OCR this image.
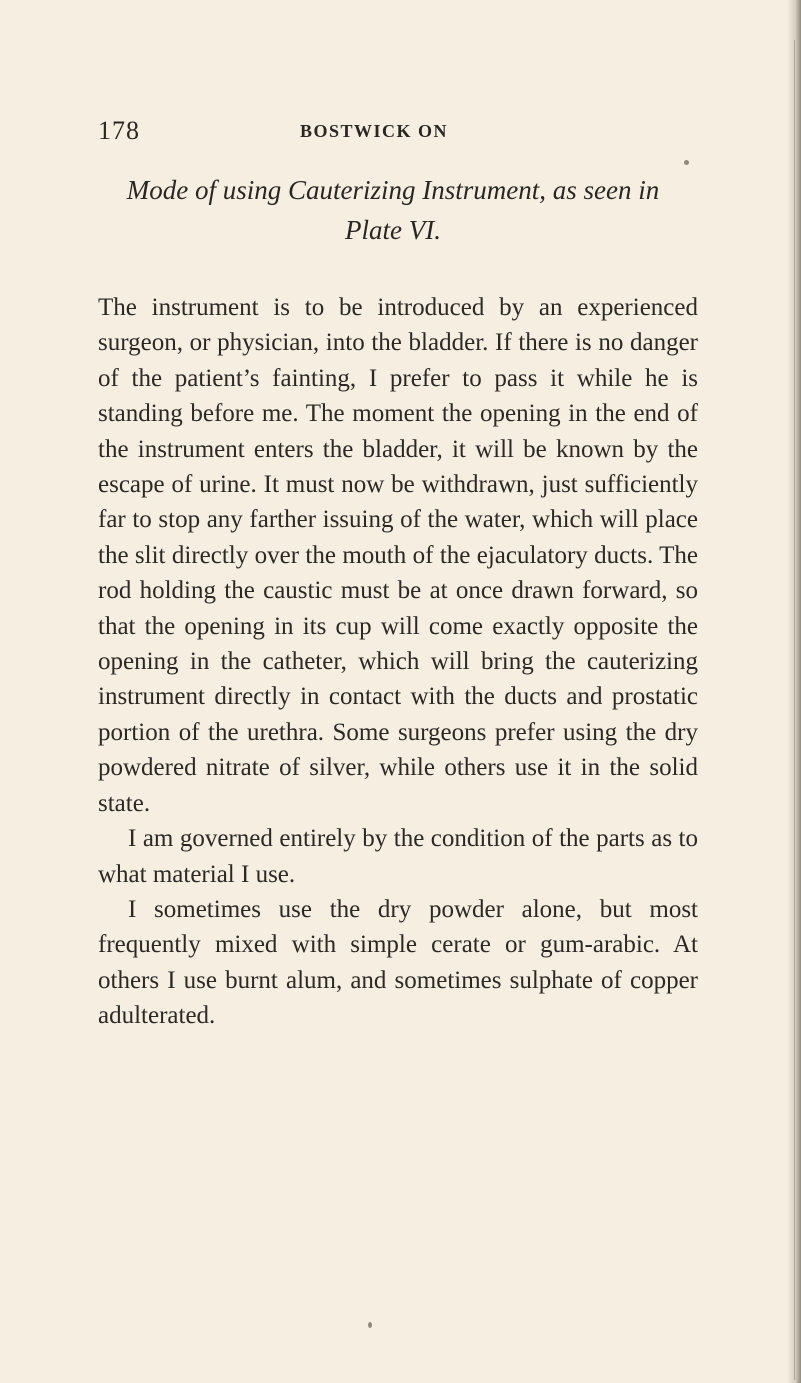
178	BOSTWICK ON
Mode of using Cauterizing Instrument, as seen in Plate VI.

The instrument is to be introduced by an experienced surgeon, or physician, into the bladder. If there is no danger of the patient’s fainting, I prefer to pass it while he is standing before me. The moment the opening in the end of the instrument enters the bladder, it will be known by the escape of urine. It must now be withdrawn, just sufficiently far to stop any farther issuing of the water, which will place the slit directly over the mouth of the ejaculatory ducts. The rod holding the caustic must be at once drawn forward, so that the opening in its cup will come exactly opposite the opening in the catheter, which will bring the cauterizing instrument directly in contact with the ducts and prostatic portion of the urethra. Some surgeons prefer using the dry powdered nitrate of silver, while others use it in the solid state.

I am governed entirely by the condition of the parts as to what material I use.

I sometimes use the dry powder alone, but most frequently mixed with simple cerate or gum-arabic. At others I use burnt alum, and sometimes sulphate of copper adulterated.
